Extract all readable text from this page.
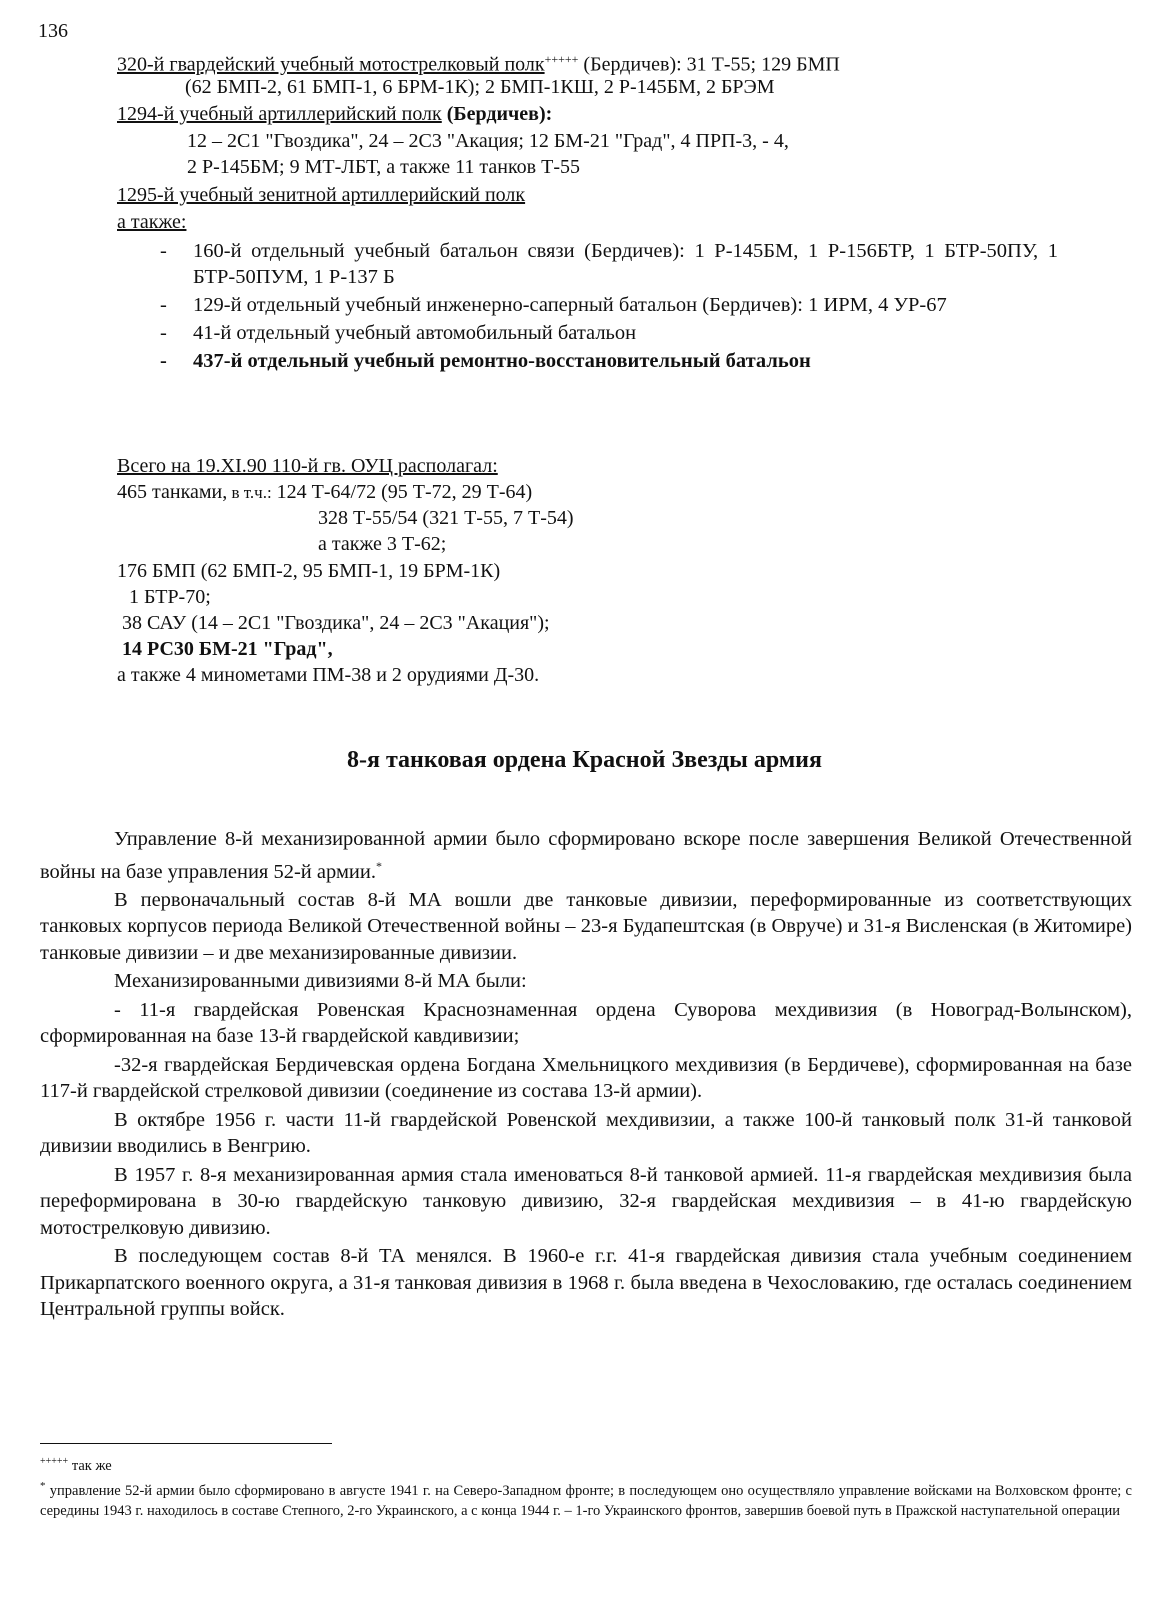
136
320-й гвардейский учебный мотострелковый полк+++++ (Бердичев): 31 Т-55; 129 БМП
(62 БМП-2, 61 БМП-1, 6 БРМ-1К); 2 БМП-1КШ, 2 Р-145БМ, 2 БРЭМ
1294-й учебный артиллерийский полк (Бердичев):
12 – 2С1 "Гвоздика", 24 – 2С3 "Акация; 12 БМ-21 "Град", 4 ПРП-3, - 4,
2 Р-145БМ; 9 МТ-ЛБТ, а также 11 танков Т-55
1295-й учебный зенитной артиллерийский полк
а также:
- 160-й отдельный учебный батальон связи (Бердичев): 1 Р-145БМ, 1 Р-156БТР, 1 БТР-50ПУ, 1 БТР-50ПУМ, 1 Р-137 Б
- 129-й отдельный учебный инженерно-саперный батальон (Бердичев): 1 ИРМ, 4 УР-67
- 41-й отдельный учебный автомобильный батальон
- 437-й отдельный учебный ремонтно-восстановительный батальон
Всего на 19.XI.90 110-й гв. ОУЦ располагал:
465 танками, в т.ч.: 124 Т-64/72 (95 Т-72, 29 Т-64)
328 Т-55/54 (321 Т-55, 7 Т-54)
а также 3 Т-62;
176 БМП (62 БМП-2, 95 БМП-1, 19 БРМ-1К)
1 БТР-70;
38 САУ (14 – 2С1 "Гвоздика", 24 – 2С3 "Акация");
14 РС30 БМ-21 "Град",
а также 4 минометами ПМ-38 и 2 орудиями Д-30.
8-я танковая ордена Красной Звезды армия

Управление 8-й механизированной армии было сформировано вскоре после завершения Великой Отечественной войны на базе управления 52-й армии.*

В первоначальный состав 8-й МА вошли две танковые дивизии, переформированные из соответствующих танковых корпусов периода Великой Отечественной войны – 23-я Будапештская (в Овруче) и 31-я Висленская (в Житомире) танковые дивизии – и две механизированные дивизии.

Механизированными дивизиями 8-й МА были:

- 11-я гвардейская Ровенская Краснознаменная ордена Суворова мехдивизия (в Новоград-Волынском), сформированная на базе 13-й гвардейской кавдивизии;

-32-я гвардейская Бердичевская ордена Богдана Хмельницкого мехдивизия (в Бердичеве), сформированная на базе 117-й гвардейской стрелковой дивизии (соединение из состава 13-й армии).

В октябре 1956 г. части 11-й гвардейской Ровенской мехдивизии, а также 100-й танковый полк 31-й танковой дивизии вводились в Венгрию.

В 1957 г. 8-я механизированная армия стала именоваться 8-й танковой армией. 11-я гвардейская мехдивизия была переформирована в 30-ю гвардейскую танковую дивизию, 32-я гвардейская мехдивизия – в 41-ю гвардейскую мотострелковую дивизию.

В последующем состав 8-й ТА менялся. В 1960-е г.г. 41-я гвардейская дивизия стала учебным соединением Прикарпатского военного округа, а 31-я танковая дивизия в 1968 г. была введена в Чехословакию, где осталась соединением Центральной группы войск.

+++++ так же

* управление 52-й армии было сформировано в августе 1941 г. на Северо-Западном фронте; в последующем оно осуществляло управление войсками на Волховском фронте; с середины 1943 г. находилось в составе Степного, 2-го Украинского, а с конца 1944 г. – 1-го Украинского фронтов, завершив боевой путь в Пражской наступательной операции
